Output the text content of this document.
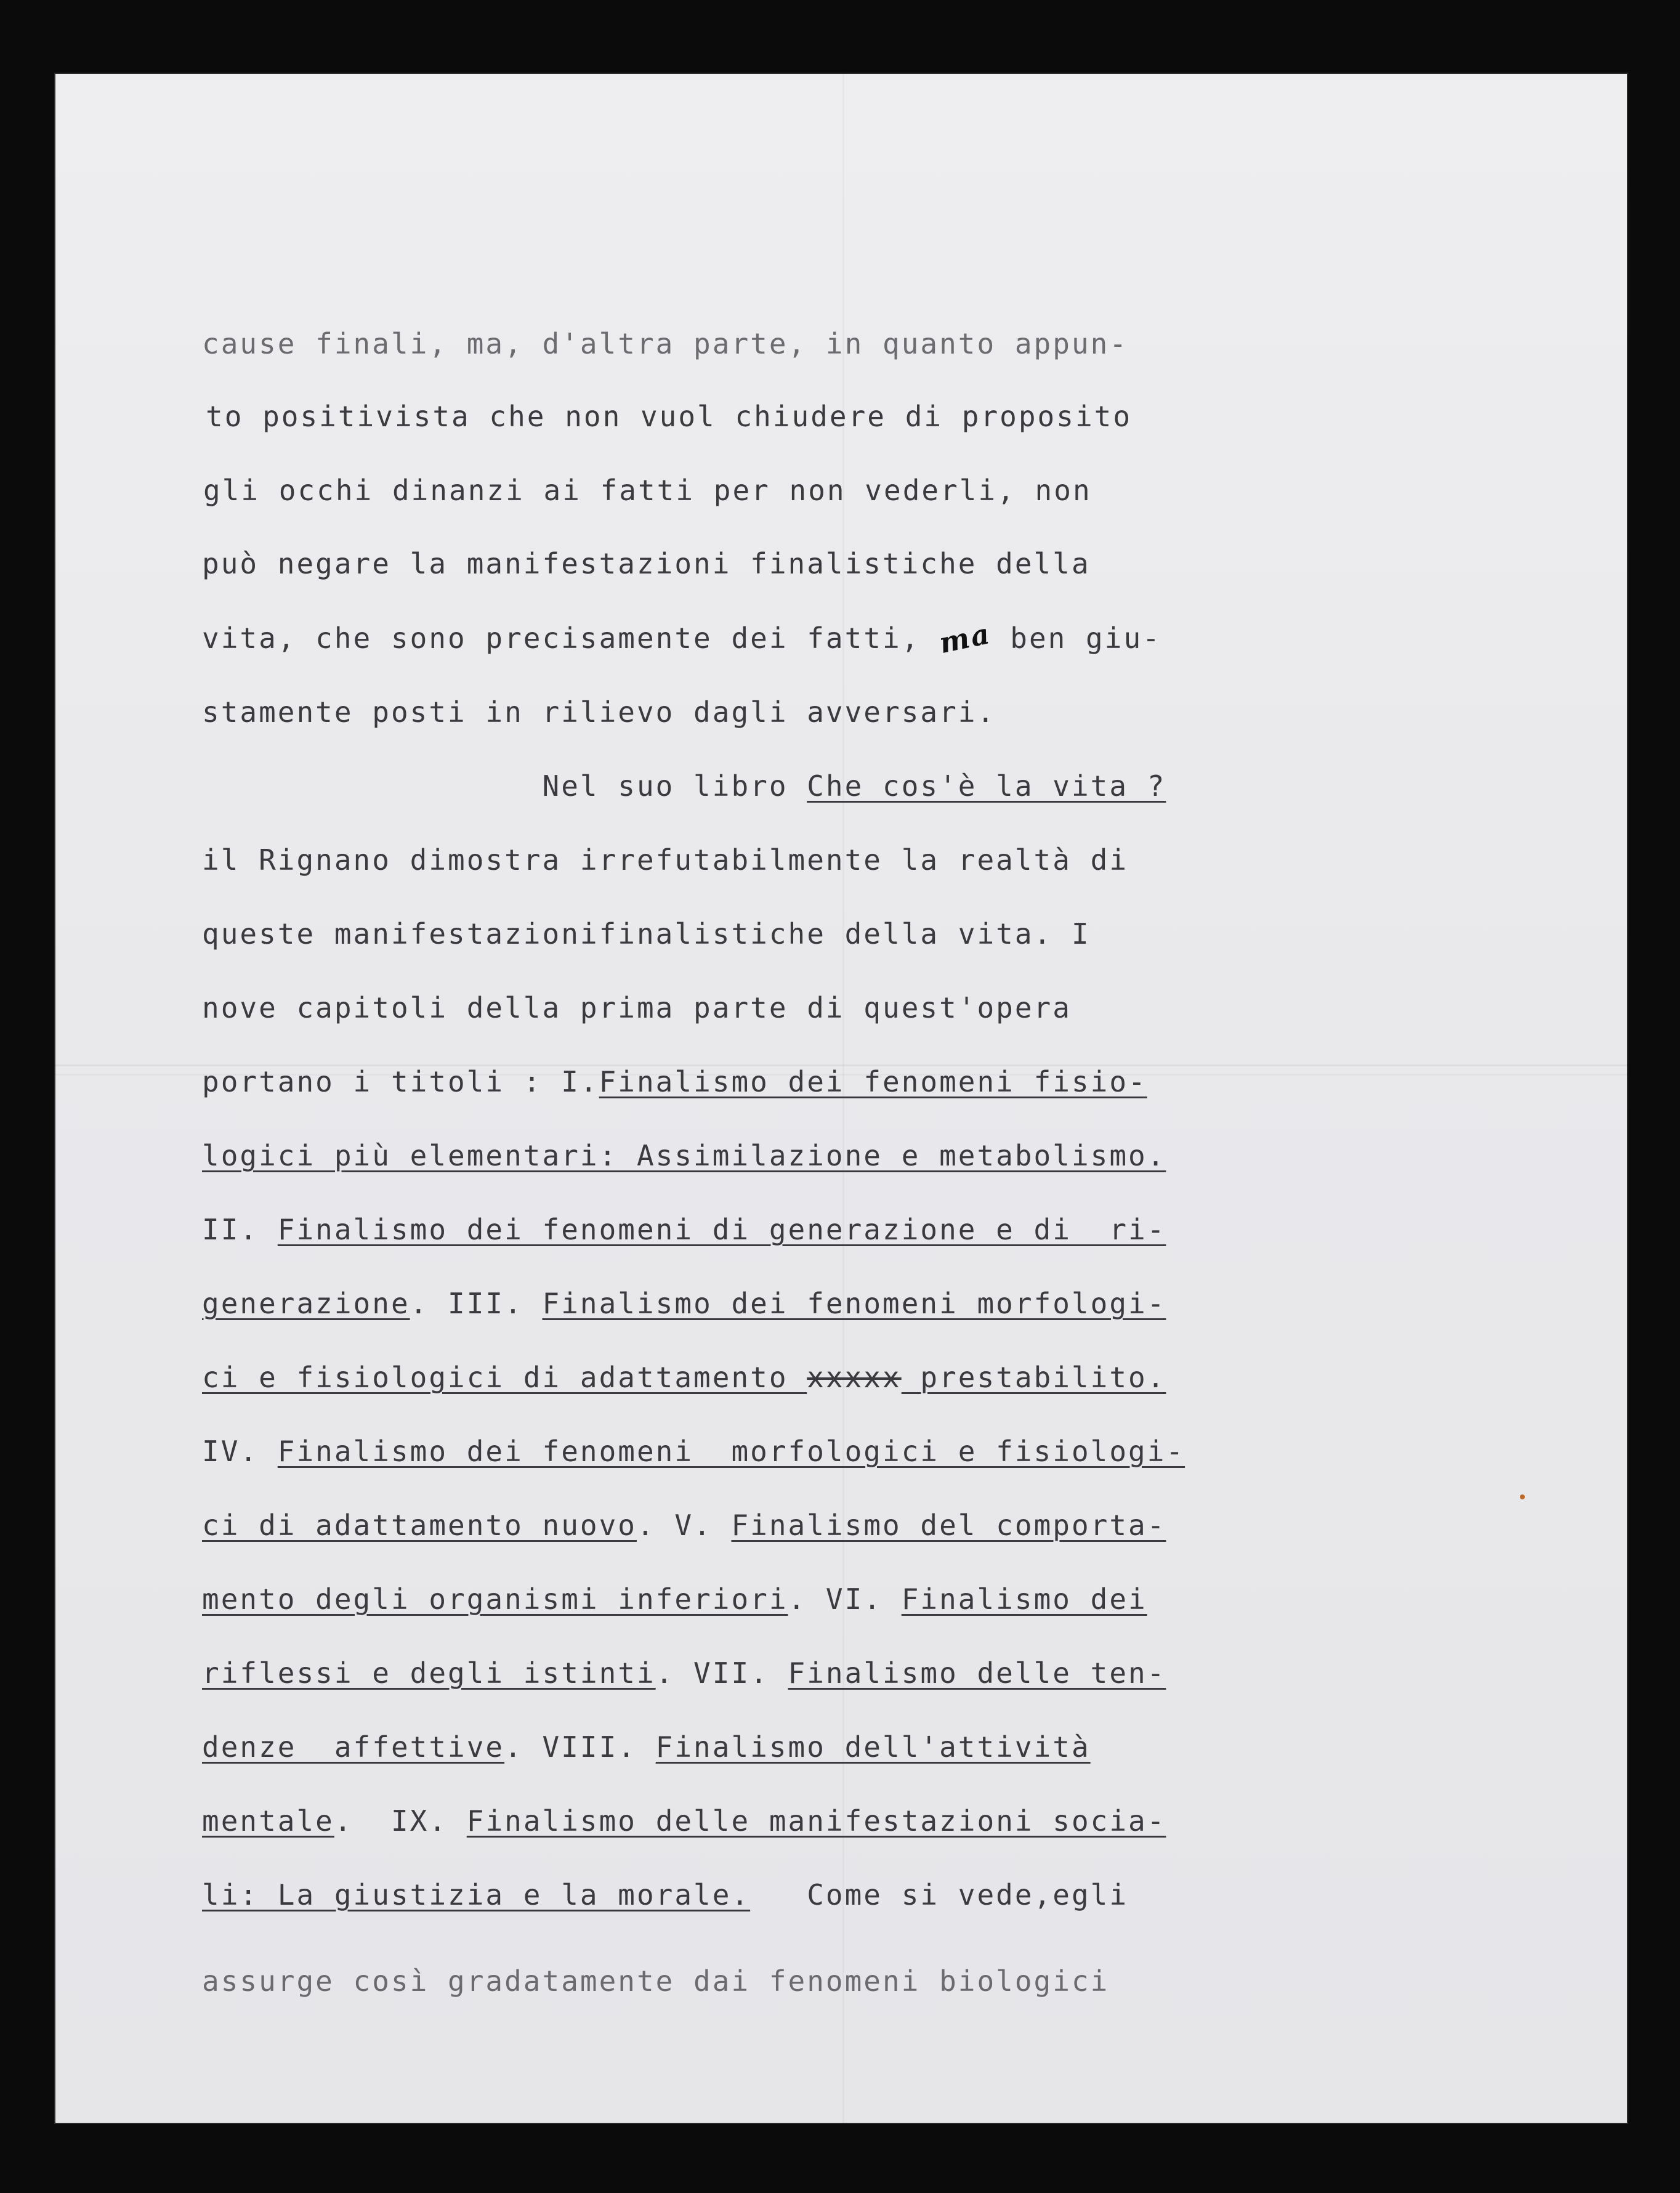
cause finali, ma, d'altra parte, in quanto appun-
to positivista che non vuol chiudere di proposito
gli occhi dinanzi ai fatti per non vederli, non
può negare la manifestazioni finalistiche della
vita, che sono precisamente dei fatti, ma ben giu-
stamente posti in rilievo dagli avversari.
Nel suo libro Che cos'è la vita ?
il Rignano dimostra irrefutabilmente la realtà di
queste manifestazionifinalistiche della vita. I
nove capitoli della prima parte di quest'opera
portano i titoli : I.Finalismo dei fenomeni fisio-
logici più elementari: Assimilazione e metabolismo.
II. Finalismo dei fenomeni di generazione e di  ri-
generazione. III. Finalismo dei fenomeni morfologi-
ci e fisiologici di adattamento xxxxx prestabilito.
IV. Finalismo dei fenomeni  morfologici e fisiologi-
ci di adattamento nuovo. V. Finalismo del comporta-
mento degli organismi inferiori. VI. Finalismo dei
riflessi e degli istinti. VII. Finalismo delle ten-
denze  affettive. VIII. Finalismo dell'attività
mentale.  IX. Finalismo delle manifestazioni socia-
li: La giustizia e la morale.   Come si vede,egli
assurge così gradatamente dai fenomeni biologici
